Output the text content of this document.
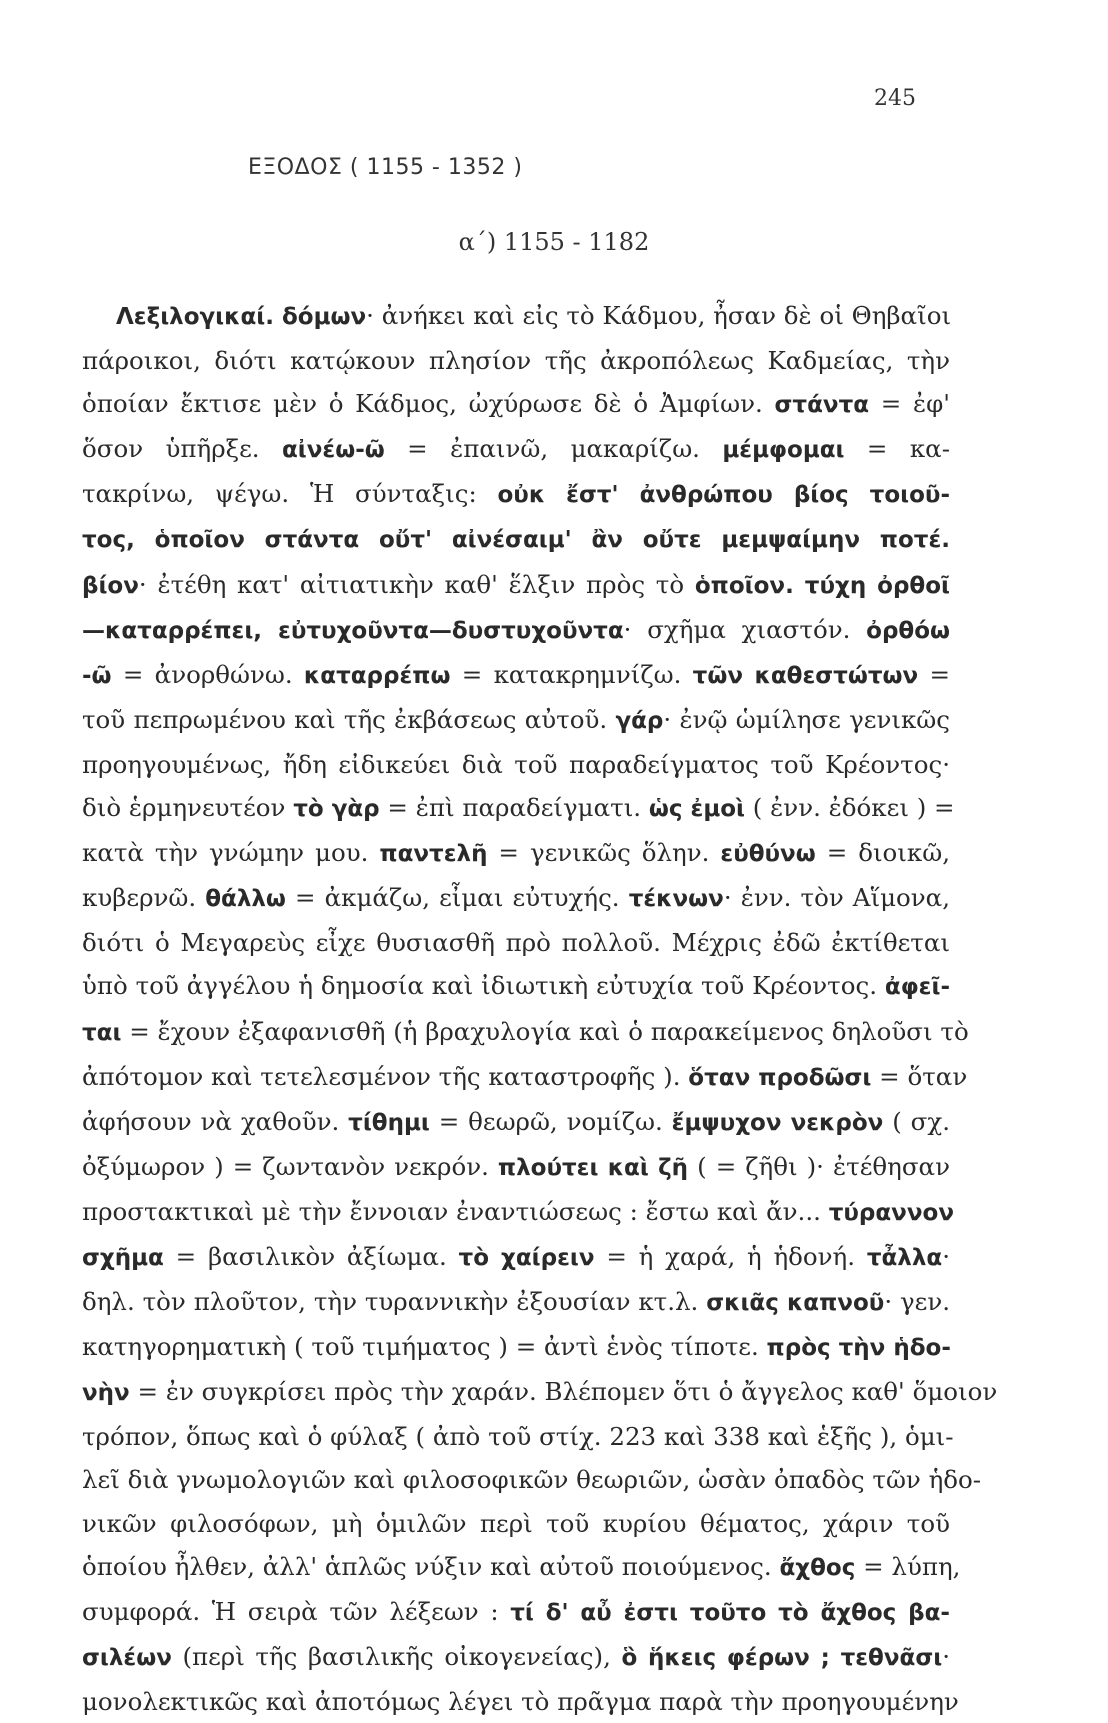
245
ΕΞΟΔΟΣ ( 1155 - 1352 )
α΄) 1155 - 1182
Λεξιλογικαί. δόμων· ἀνήκει καὶ εἰς τὸ Κάδμου, ἦσαν δὲ οἱ Θηβαῖοι
πάροικοι, διότι κατῴκουν πλησίον τῆς ἀκροπόλεως Καδμείας, τὴν
ὁποίαν ἔκτισε μὲν ὁ Κάδμος, ὠχύρωσε δὲ ὁ Ἀμφίων. στάντα = ἐφ'
ὅσον ὑπῆρξε. αἰνέω-ῶ = ἐπαινῶ, μακαρίζω. μέμφομαι = κα-
τακρίνω, ψέγω. Ἡ σύνταξις: οὐκ ἔστ' ἀνθρώπου βίος τοιοῦ-
τος, ὁποῖον στάντα οὔτ' αἰνέσαιμ' ἂν οὔτε μεμψαίμην ποτέ.
βίον· ἐτέθη κατ' αἰτιατικὴν καθ' ἕλξιν πρὸς τὸ ὁποῖον. τύχη ὀρθοῖ
—καταρρέπει, εὐτυχοῦντα—δυστυχοῦντα· σχῆμα χιαστόν. ὀρθόω
-ῶ = ἀνορθώνω. καταρρέπω = κατακρημνίζω. τῶν καθεστώτων =
τοῦ πεπρωμένου καὶ τῆς ἐκβάσεως αὐτοῦ. γάρ· ἐνῷ ὡμίλησε γενικῶς
προηγουμένως, ἤδη εἰδικεύει διὰ τοῦ παραδείγματος τοῦ Κρέοντος·
διὸ ἑρμηνευτέον τὸ γὰρ = ἐπὶ παραδείγματι. ὡς ἐμοὶ ( ἐνν. ἐδόκει ) =
κατὰ τὴν γνώμην μου. παντελῆ = γενικῶς ὅλην. εὐθύνω = διοικῶ,
κυβερνῶ. θάλλω = ἀκμάζω, εἶμαι εὐτυχής. τέκνων· ἐνν. τὸν Αἵμονα,
διότι ὁ Μεγαρεὺς εἶχε θυσιασθῆ πρὸ πολλοῦ. Μέχρις ἐδῶ ἐκτίθεται
ὑπὸ τοῦ ἀγγέλου ἡ δημοσία καὶ ἰδιωτικὴ εὐτυχία τοῦ Κρέοντος. ἀφεῖ-
ται = ἔχουν ἐξαφανισθῆ (ἡ βραχυλογία καὶ ὁ παρακείμενος δηλοῦσι τὸ
ἀπότομον καὶ τετελεσμένον τῆς καταστροφῆς ). ὅταν προδῶσι = ὅταν
ἀφήσουν νὰ χαθοῦν. τίθημι = θεωρῶ, νομίζω. ἔμψυχον νεκρὸν ( σχ.
ὀξύμωρον ) = ζωντανὸν νεκρόν. πλούτει καὶ ζῆ ( = ζῆθι )· ἐτέθησαν
προστακτικαὶ μὲ τὴν ἔννοιαν ἐναντιώσεως : ἔστω καὶ ἄν... τύραννον
σχῆμα = βασιλικὸν ἀξίωμα. τὸ χαίρειν = ἡ χαρά, ἡ ἡδονή. τἆλλα·
δηλ. τὸν πλοῦτον, τὴν τυραννικὴν ἐξουσίαν κτ.λ. σκιᾶς καπνοῦ· γεν.
κατηγορηματικὴ ( τοῦ τιμήματος ) = ἀντὶ ἑνὸς τίποτε. πρὸς τὴν ἡδο-
νὴν = ἐν συγκρίσει πρὸς τὴν χαράν. Βλέπομεν ὅτι ὁ ἄγγελος καθ' ὅμοιον
τρόπον, ὅπως καὶ ὁ φύλαξ ( ἀπὸ τοῦ στίχ. 223 καὶ 338 καὶ ἑξῆς ), ὁμι-
λεῖ διὰ γνωμολογιῶν καὶ φιλοσοφικῶν θεωριῶν, ὡσὰν ὀπαδὸς τῶν ἡδο-
νικῶν φιλοσόφων, μὴ ὁμιλῶν περὶ τοῦ κυρίου θέματος, χάριν τοῦ
ὁποίου ἦλθεν, ἀλλ' ἁπλῶς νύξιν καὶ αὐτοῦ ποιούμενος. ἄχθος = λύπη,
συμφορά. Ἡ σειρὰ τῶν λέξεων : τί δ' αὖ ἐστι τοῦτο τὸ ἄχθος βα-
σιλέων (περὶ τῆς βασιλικῆς οἰκογενείας), ὃ ἥκεις φέρων ; τεθνᾶσι·
μονολεκτικῶς καὶ ἀποτόμως λέγει τὸ πρᾶγμα παρὰ τὴν προηγουμένην
